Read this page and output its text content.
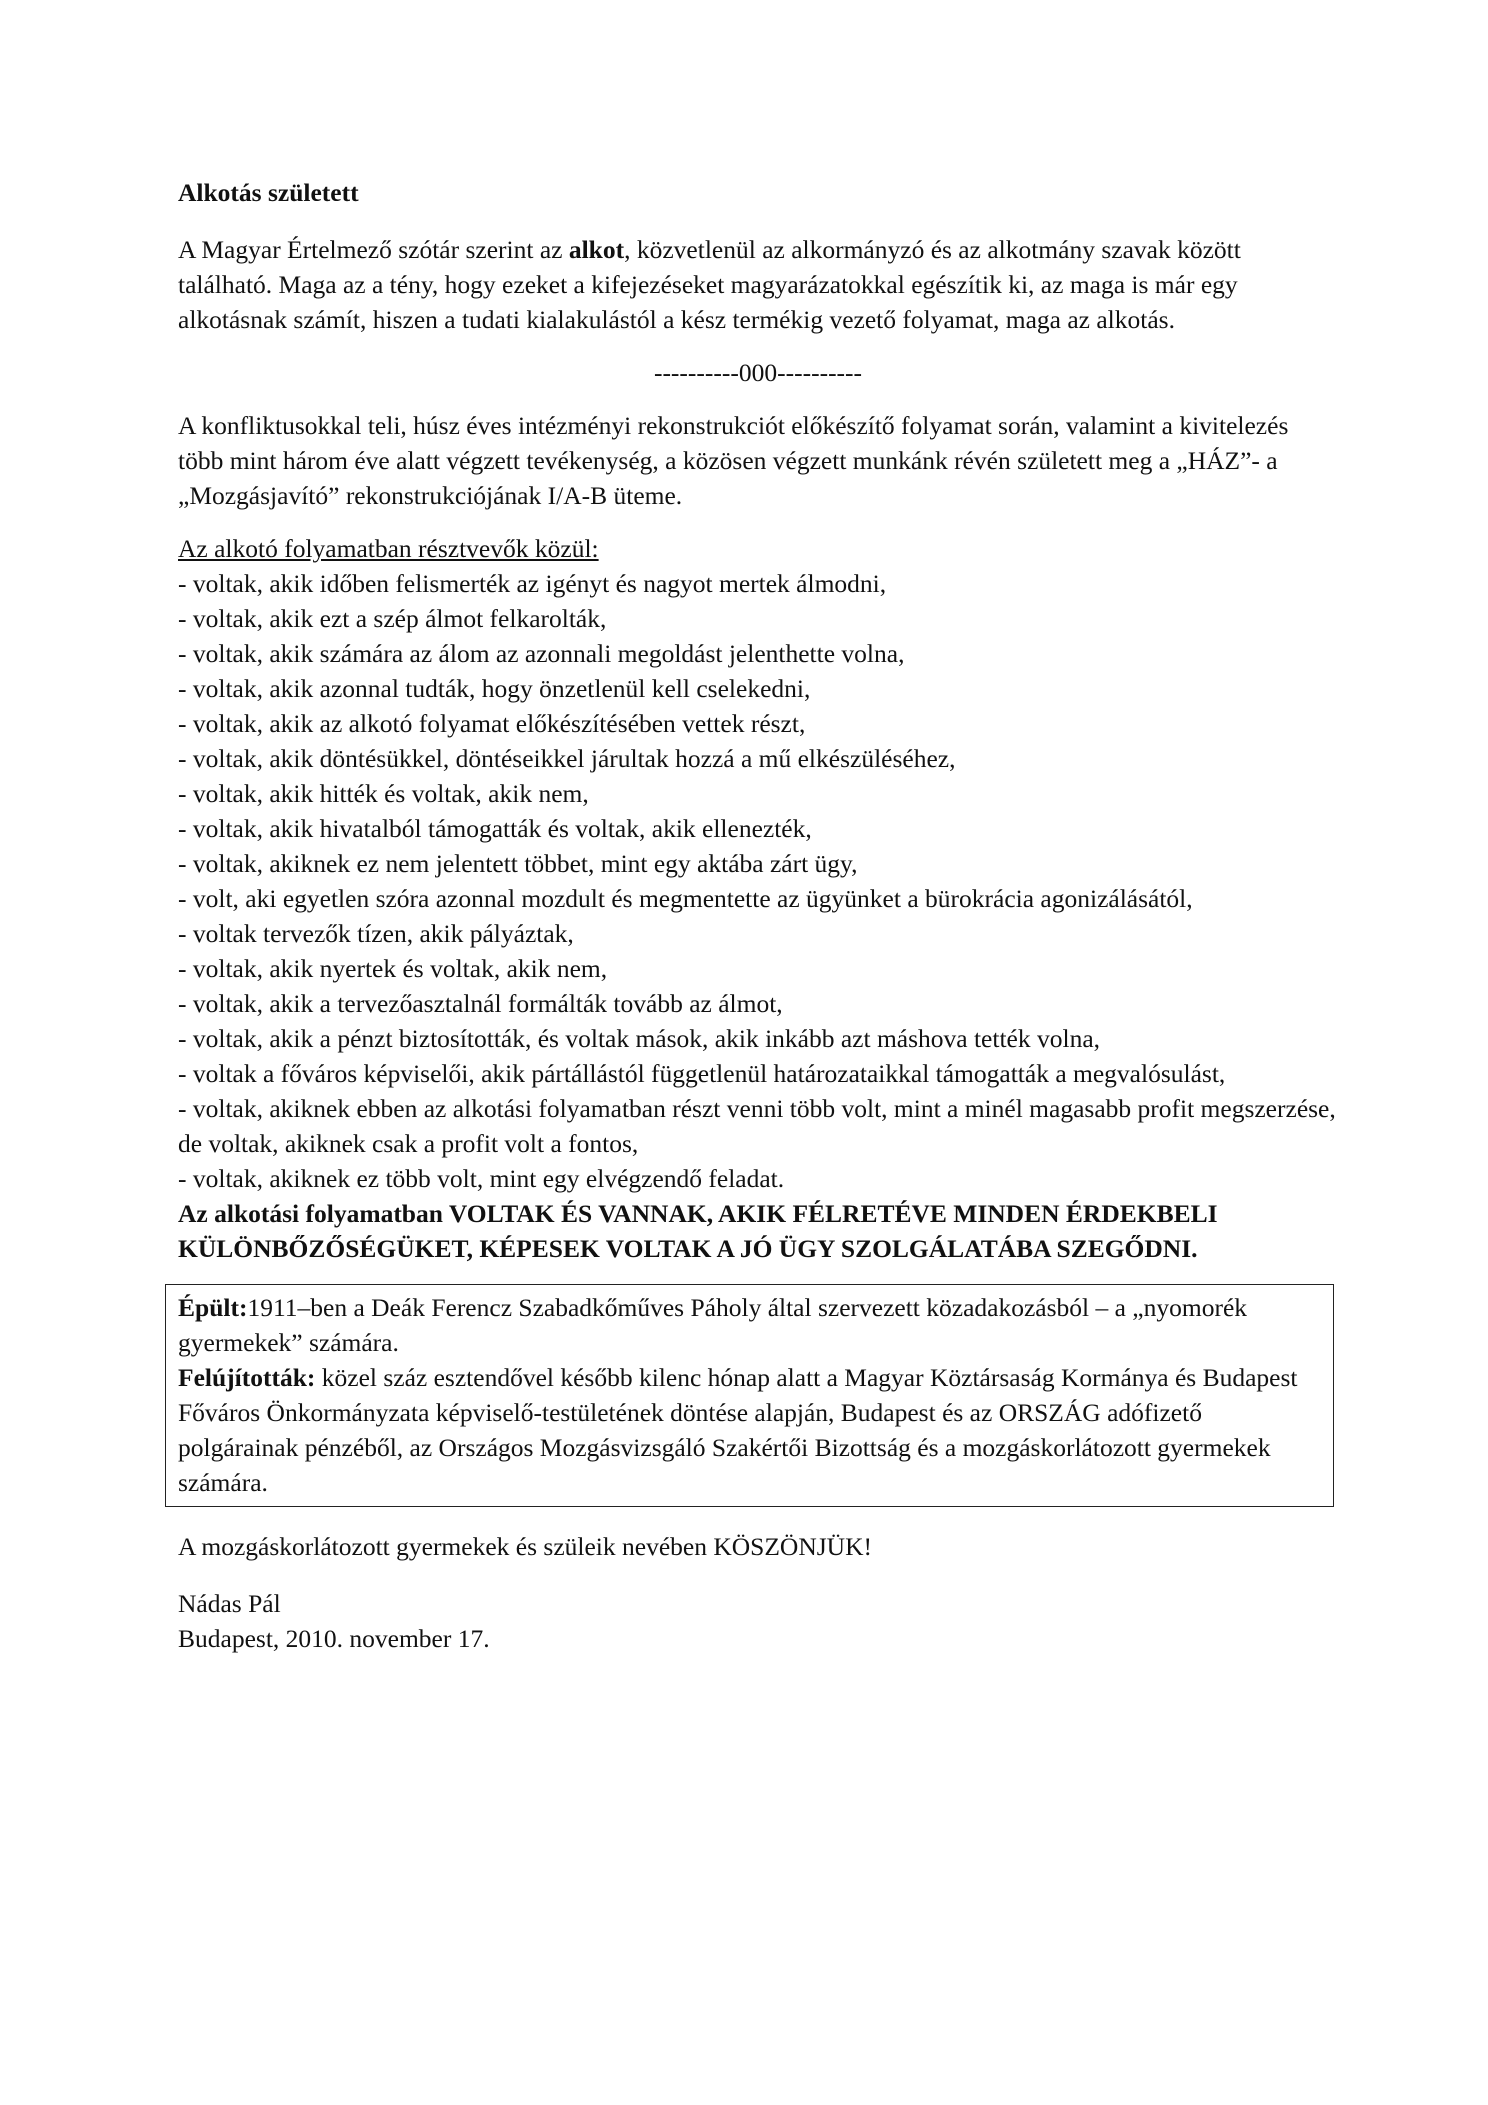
Alkotás született

A Magyar Értelmező szótár szerint az alkot, közvetlenül az alkormányzó és az alkotmány szavak között található. Maga az a tény, hogy ezeket a kifejezéseket magyarázatokkal egészítik ki, az maga is már egy alkotásnak számít, hiszen a tudati kialakulástól a kész termékig vezető folyamat, maga az alkotás.

----------000----------

A konfliktusokkal teli, húsz éves intézményi rekonstrukciót előkészítő folyamat során, valamint a kivitelezés több mint három éve alatt végzett tevékenység, a közösen végzett munkánk révén született meg a „HÁZ”- a „Mozgásjavító” rekonstrukciójának I/A-B üteme.

Az alkotó folyamatban résztvevők közül:

- voltak, akik időben felismerték az igényt és nagyot mertek álmodni,
- voltak, akik ezt a szép álmot felkarolták,
- voltak, akik számára az álom az azonnali megoldást jelenthette volna,
- voltak, akik azonnal tudták, hogy önzetlenül kell cselekedni,
- voltak, akik az alkotó folyamat előkészítésében vettek részt,
- voltak, akik döntésükkel, döntéseikkel járultak hozzá a mű elkészüléséhez,
- voltak, akik hitték és voltak, akik nem,
- voltak, akik hivatalból támogatták és voltak, akik ellenezték,
- voltak, akiknek ez nem jelentett többet, mint egy aktába zárt ügy,
- volt, aki egyetlen szóra azonnal mozdult és megmentette az ügyünket a bürokrácia agonizálásától,
- voltak tervezők tízen, akik pályáztak,
- voltak, akik nyertek és voltak, akik nem,
- voltak, akik a tervezőasztalnál formálták tovább az álmot,
- voltak, akik a pénzt biztosították, és voltak mások, akik inkább azt máshova tették volna,
- voltak a főváros képviselői, akik pártállástól függetlenül határozataikkal támogatták a megvalósulást,
- voltak, akiknek ebben az alkotási folyamatban részt venni több volt, mint a minél magasabb profit megszerzése, de voltak, akiknek csak a profit volt a fontos,
- voltak, akiknek ez több volt, mint egy elvégzendő feladat.

Az alkotási folyamatban VOLTAK ÉS VANNAK, AKIK FÉLRETÉVE MINDEN ÉRDEKBELI KÜLÖNBŐZŐSÉGÜKET, KÉPESEK VOLTAK A JÓ ÜGY SZOLGÁLATÁBA SZEGŐDNI.

Épült:1911–ben a Deák Ferencz Szabadkőműves Páholy által szervezett közadakozásból – a „nyomorék gyermekek” számára.

Felújították: közel száz esztendővel később kilenc hónap alatt a Magyar Köztársaság Kormánya és Budapest Főváros Önkormányzata képviselő-testületének döntése alapján, Budapest és az ORSZÁG adófizető polgárainak pénzéből, az Országos Mozgásvizsgáló Szakértői Bizottság és a mozgáskorlátozott gyermekek számára.

A mozgáskorlátozott gyermekek és szüleik nevében KÖSZÖNJÜK!

Nádas Pál

Budapest, 2010. november 17.
